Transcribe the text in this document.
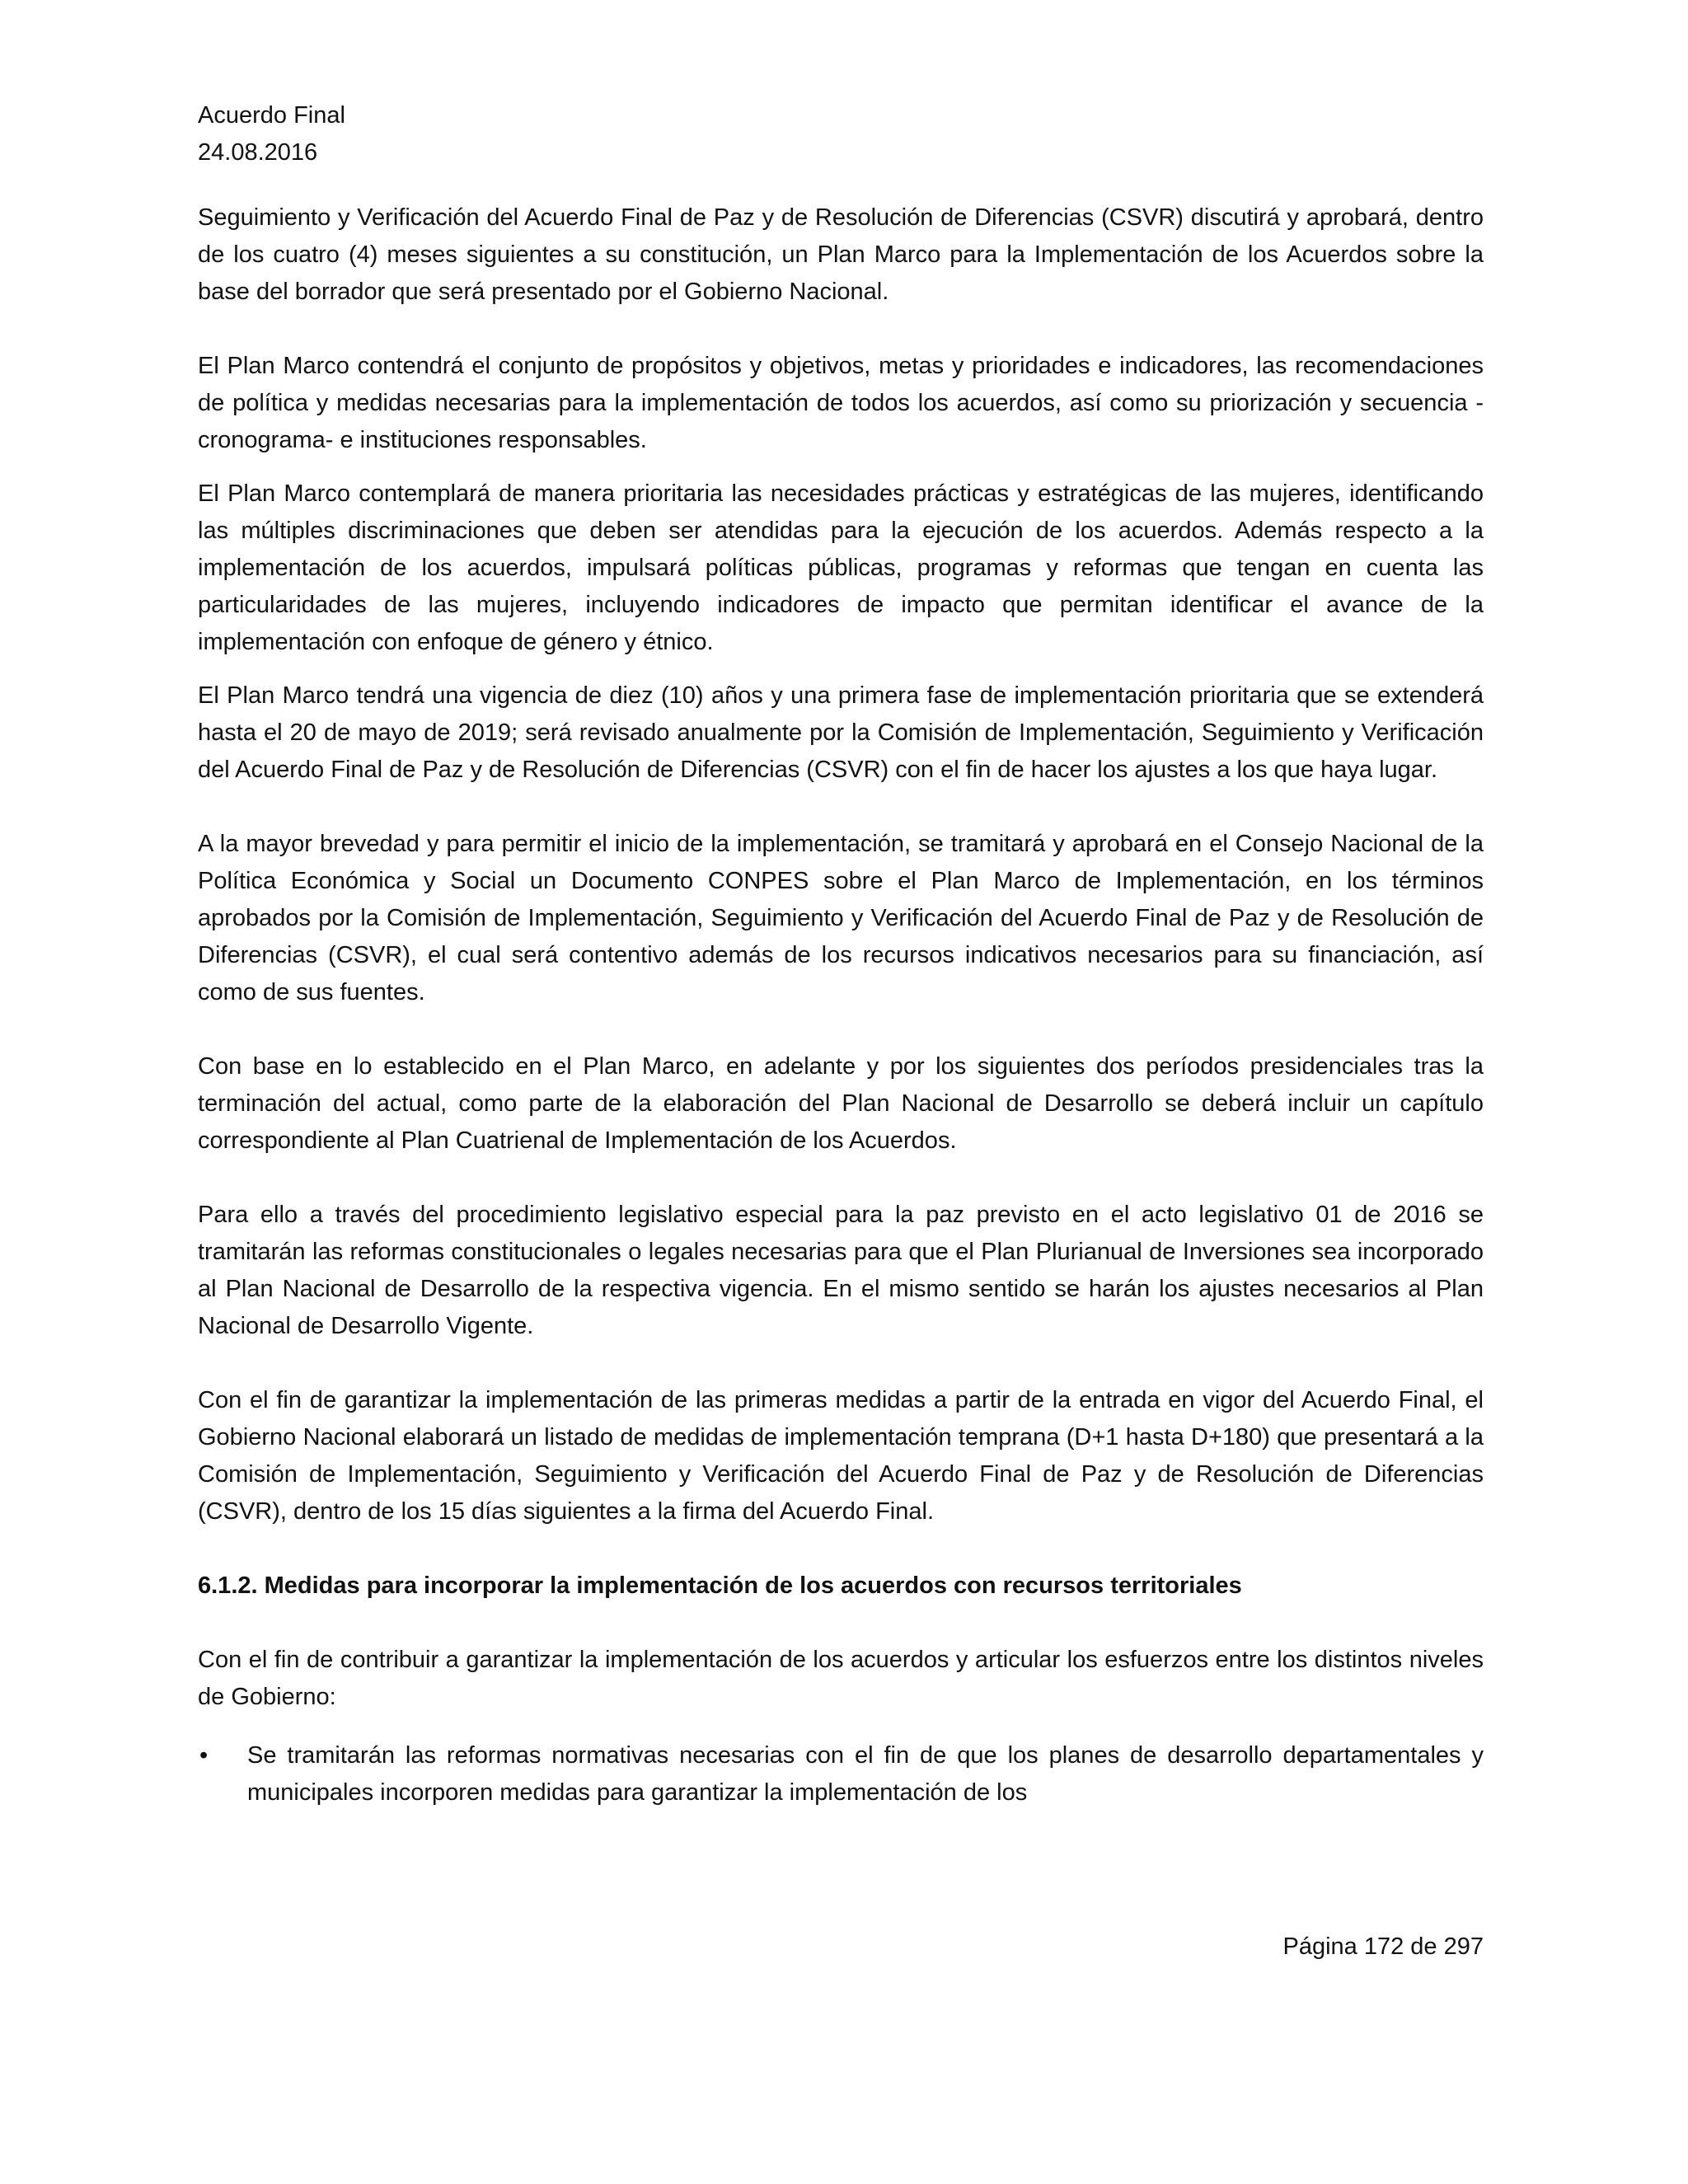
Acuerdo Final
24.08.2016

Seguimiento y Verificación del Acuerdo Final de Paz y de Resolución de Diferencias (CSVR) discutirá y aprobará, dentro de los cuatro (4) meses siguientes a su constitución, un Plan Marco para la Implementación de los Acuerdos sobre la base del borrador que será presentado por el Gobierno Nacional.

El Plan Marco contendrá el conjunto de propósitos y objetivos, metas y prioridades e indicadores, las recomendaciones de política y medidas necesarias para la implementación de todos los acuerdos, así como su priorización y secuencia -cronograma- e instituciones responsables.

El Plan Marco contemplará de manera prioritaria las necesidades prácticas y estratégicas de las mujeres, identificando las múltiples discriminaciones que deben ser atendidas para la ejecución de los acuerdos. Además respecto a la implementación de los acuerdos, impulsará políticas públicas, programas y reformas que tengan en cuenta las particularidades de las mujeres, incluyendo indicadores de impacto que permitan identificar el avance de la implementación con enfoque de género y étnico.

El Plan Marco tendrá una vigencia de diez (10) años y una primera fase de implementación prioritaria que se extenderá hasta el 20 de mayo de 2019; será revisado anualmente por la Comisión de Implementación, Seguimiento y Verificación del Acuerdo Final de Paz y de Resolución de Diferencias (CSVR) con el fin de hacer los ajustes a los que haya lugar.

A la mayor brevedad y para permitir el inicio de la implementación, se tramitará y aprobará en el Consejo Nacional de la Política Económica y Social un Documento CONPES sobre el Plan Marco de Implementación, en los términos aprobados por la Comisión de Implementación, Seguimiento y Verificación del Acuerdo Final de Paz y de Resolución de Diferencias (CSVR), el cual será contentivo además de los recursos indicativos necesarios para su financiación, así como de sus fuentes.

Con base en lo establecido en el Plan Marco, en adelante y por los siguientes dos períodos presidenciales tras la terminación del actual, como parte de la elaboración del Plan Nacional de Desarrollo se deberá incluir un capítulo correspondiente al Plan Cuatrienal de Implementación de los Acuerdos.

Para ello a través del procedimiento legislativo especial para la paz previsto en el acto legislativo 01 de 2016 se tramitarán las reformas constitucionales o legales necesarias para que el Plan Plurianual de Inversiones sea incorporado al Plan Nacional de Desarrollo de la respectiva vigencia. En el mismo sentido se harán los ajustes necesarios al Plan Nacional de Desarrollo Vigente.

Con el fin de garantizar la implementación de las primeras medidas a partir de la entrada en vigor del Acuerdo Final, el Gobierno Nacional elaborará un listado de medidas de implementación temprana (D+1 hasta D+180) que presentará a la Comisión de Implementación, Seguimiento y Verificación del Acuerdo Final de Paz y de Resolución de Diferencias (CSVR), dentro de los 15 días siguientes a la firma del Acuerdo Final.

6.1.2. Medidas para incorporar la implementación de los acuerdos con recursos territoriales

Con el fin de contribuir a garantizar la implementación de los acuerdos y articular los esfuerzos entre los distintos niveles de Gobierno:

• Se tramitarán las reformas normativas necesarias con el fin de que los planes de desarrollo departamentales y municipales incorporen medidas para garantizar la implementación de los
Página 172 de 297
